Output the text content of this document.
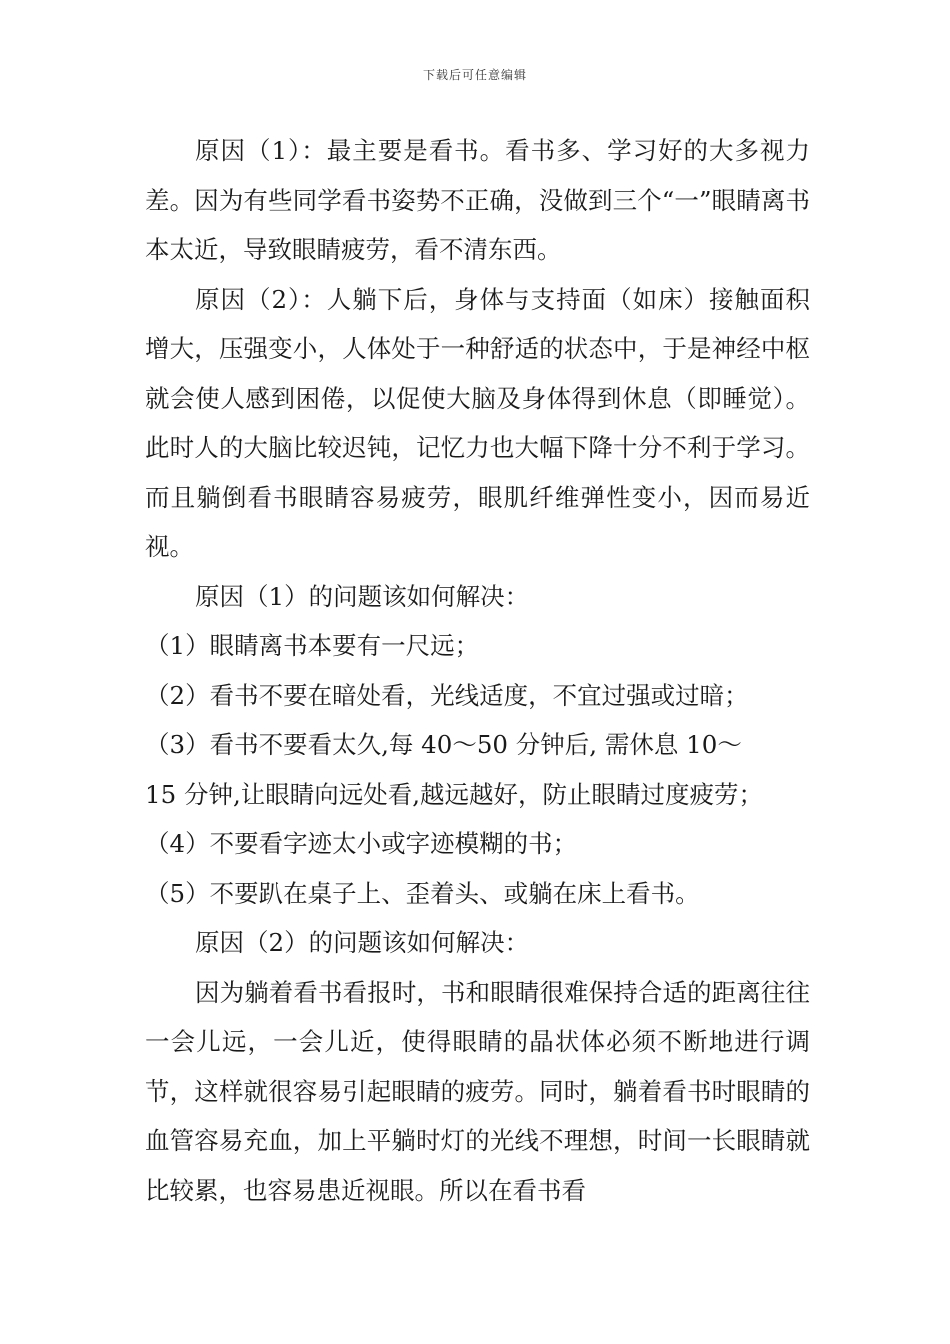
下载后可任意编辑

原因（1）：最主要是看书。看书多、学习好的大多视力差。因为有些同学看书姿势不正确，没做到三个“一”眼睛离书本太近，导致眼睛疲劳，看不清东西。

原因（2）：人躺下后，身体与支持面（如床）接触面积增大，压强变小，人体处于一种舒适的状态中，于是神经中枢就会使人感到困倦，以促使大脑及身体得到休息（即睡觉）。此时人的大脑比较迟钝，记忆力也大幅下降十分不利于学习。而且躺倒看书眼睛容易疲劳，眼肌纤维弹性变小，因而易近视。

原因（1）的问题该如何解决：

（1）眼睛离书本要有一尺远；

（2）看书不要在暗处看，光线适度，不宜过强或过暗；

（3）看书不要看太久,每 40～50 分钟后, 需休息 10～

15 分钟,让眼睛向远处看,越远越好，防止眼睛过度疲劳；

（4）不要看字迹太小或字迹模糊的书；

（5）不要趴在桌子上、歪着头、或躺在床上看书。

原因（2）的问题该如何解决：

因为躺着看书看报时，书和眼睛很难保持合适的距离往往一会儿远，一会儿近，使得眼睛的晶状体必须不断地进行调节，这样就很容易引起眼睛的疲劳。同时，躺着看书时眼睛的血管容易充血，加上平躺时灯的光线不理想，时间一长眼睛就比较累，也容易患近视眼。所以在看书看
